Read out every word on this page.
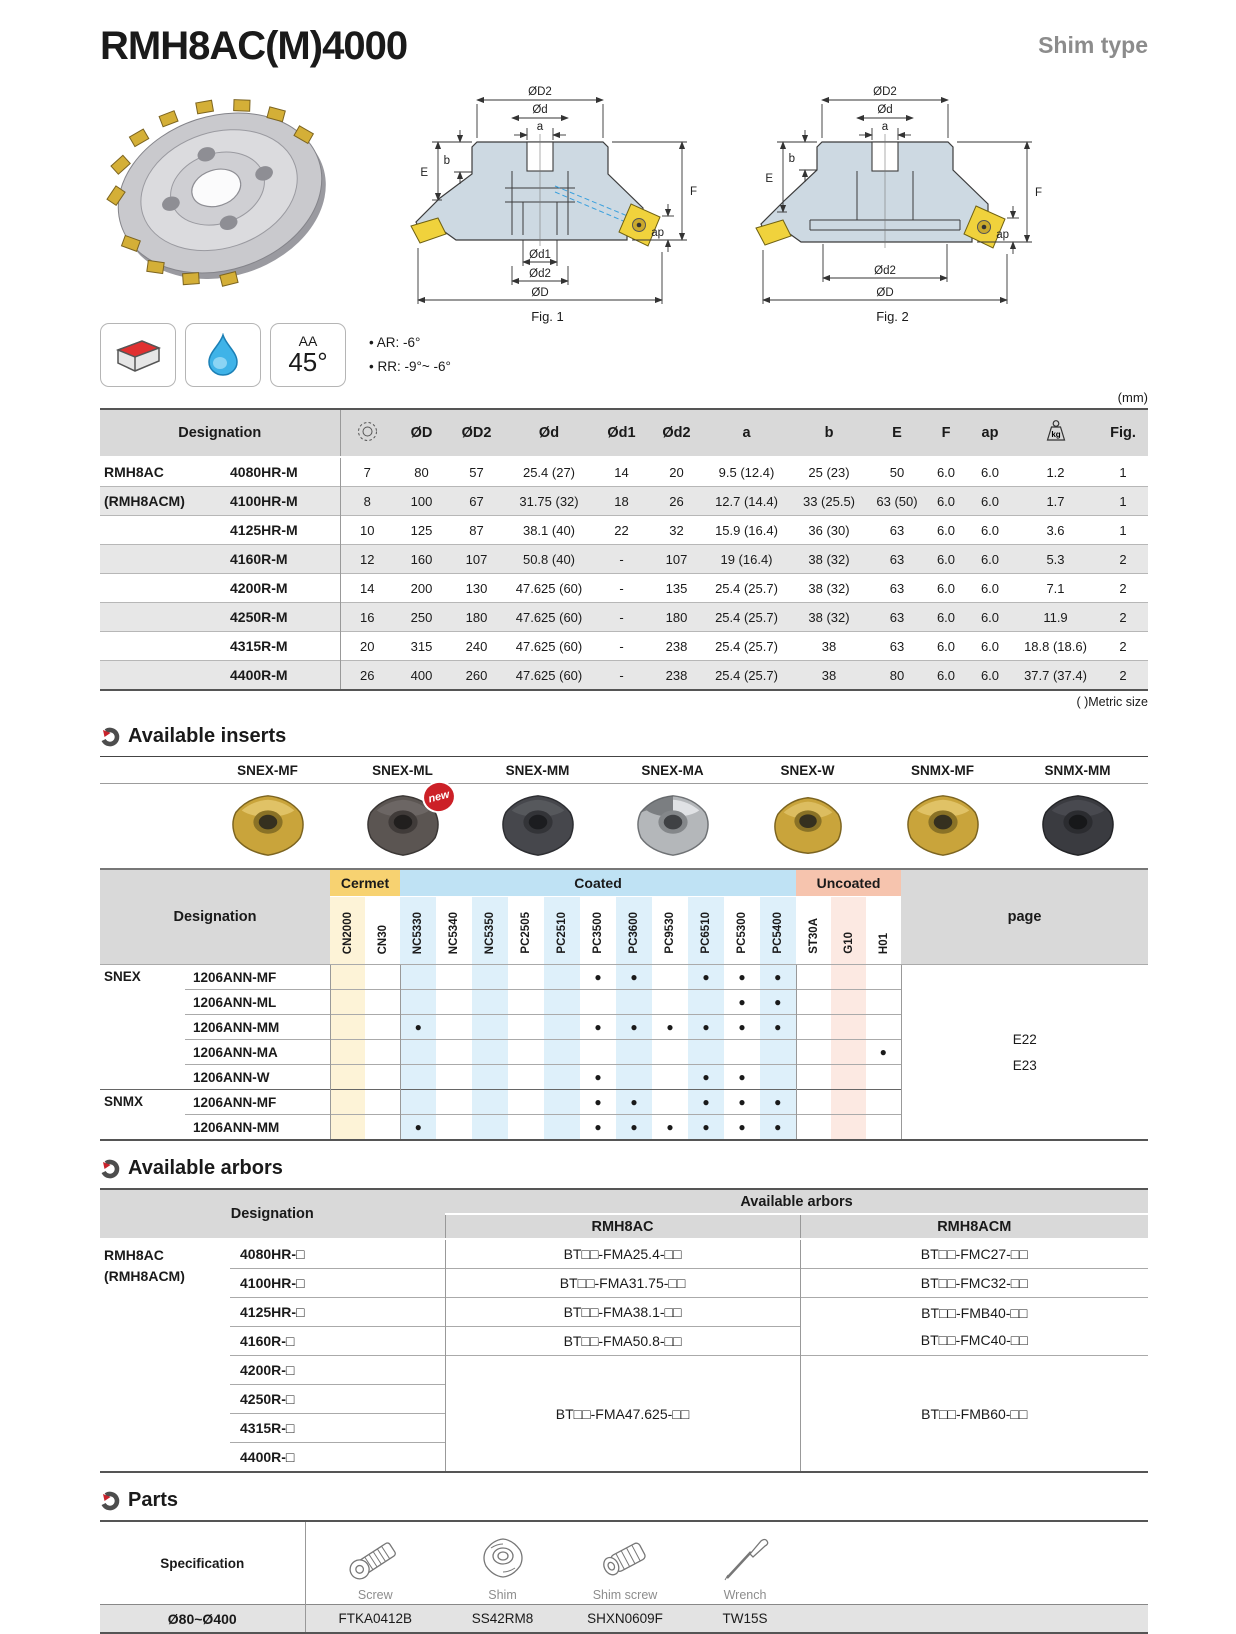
RMH8AC(M)4000	Shim type
ØD2
Ød
a
b
E
F
ap
Ød1
Ød2
ØD
Fig. 1
ØD2
Ød
a
b
E
F
ap
Ød2
ØD
Fig. 2
AA
45°
• AR: -6°
• RR: -9°~ -6°
(mm)
Designation			ØD	ØD2	Ød	Ød1	Ød2	a	b	E	F	ap	kg	Fig.
RMH8AC	4080HR-M	7	80	57	25.4 (27)	14	20	9.5 (12.4)	25 (23)	50	6.0	6.0	1.2	1
(RMH8ACM)	4100HR-M	8	100	67	31.75 (32)	18	26	12.7 (14.4)	33 (25.5)	63 (50)	6.0	6.0	1.7	1
	4125HR-M	10	125	87	38.1 (40)	22	32	15.9 (16.4)	36 (30)	63	6.0	6.0	3.6	1
	4160R-M	12	160	107	50.8 (40)	-	107	19 (16.4)	38 (32)	63	6.0	6.0	5.3	2
	4200R-M	14	200	130	47.625 (60)	-	135	25.4 (25.7)	38 (32)	63	6.0	6.0	7.1	2
	4250R-M	16	250	180	47.625 (60)	-	180	25.4 (25.7)	38 (32)	63	6.0	6.0	11.9	2
	4315R-M	20	315	240	47.625 (60)	-	238	25.4 (25.7)	38	63	6.0	6.0	18.8 (18.6)	2
	4400R-M	26	400	260	47.625 (60)	-	238	25.4 (25.7)	38	80	6.0	6.0	37.7 (37.4)	2
( )Metric size
Available inserts
SNEX-MF	SNEX-ML	SNEX-MM	SNEX-MA	SNEX-W	SNMX-MF	SNMX-MM
new
Designation		Cermet		Coated											Uncoated			page
		CN2000	CN30	NC5330	NC5340	NC5350	PC2505	PC2510	PC3500	PC3600	PC9530	PC6510	PC5300	PC5400	ST30A	G10	H01	
SNEX	1206ANN-MF								●	●		●	●	●				E22
E23

	1206ANN-ML												●	●				
	1206ANN-MM			●					●	●	●	●	●	●				
	1206ANN-MA																●	
	1206ANN-W								●			●	●					
SNMX	1206ANN-MF								●	●		●	●	●				
	1206ANN-MM			●					●	●	●	●	●	●				
Available arbors
Designation		Available arbors	
		RMH8AC	RMH8ACM

RMH8AC
(RMH8ACM)	4080HR-□	BT□□-FMA25.4-□□	BT□□-FMC27-□□
	4100HR-□	BT□□-FMA31.75-□□	BT□□-FMC32-□□
	4125HR-□	BT□□-FMA38.1-□□	BT□□-FMB40-□□
BT□□-FMC40-□□

	4160R-□	BT□□-FMA50.8-□□	
	4200R-□	BT□□-FMA47.625-□□	BT□□-FMB60-□□
	4250R-□		
	4315R-□		
	4400R-□		
Parts
Specification	Screw	Shim	Shim screw	Wrench	

Ø80~Ø400	FTKA0412B	SS42RM8	SHXN0609F	TW15S	
